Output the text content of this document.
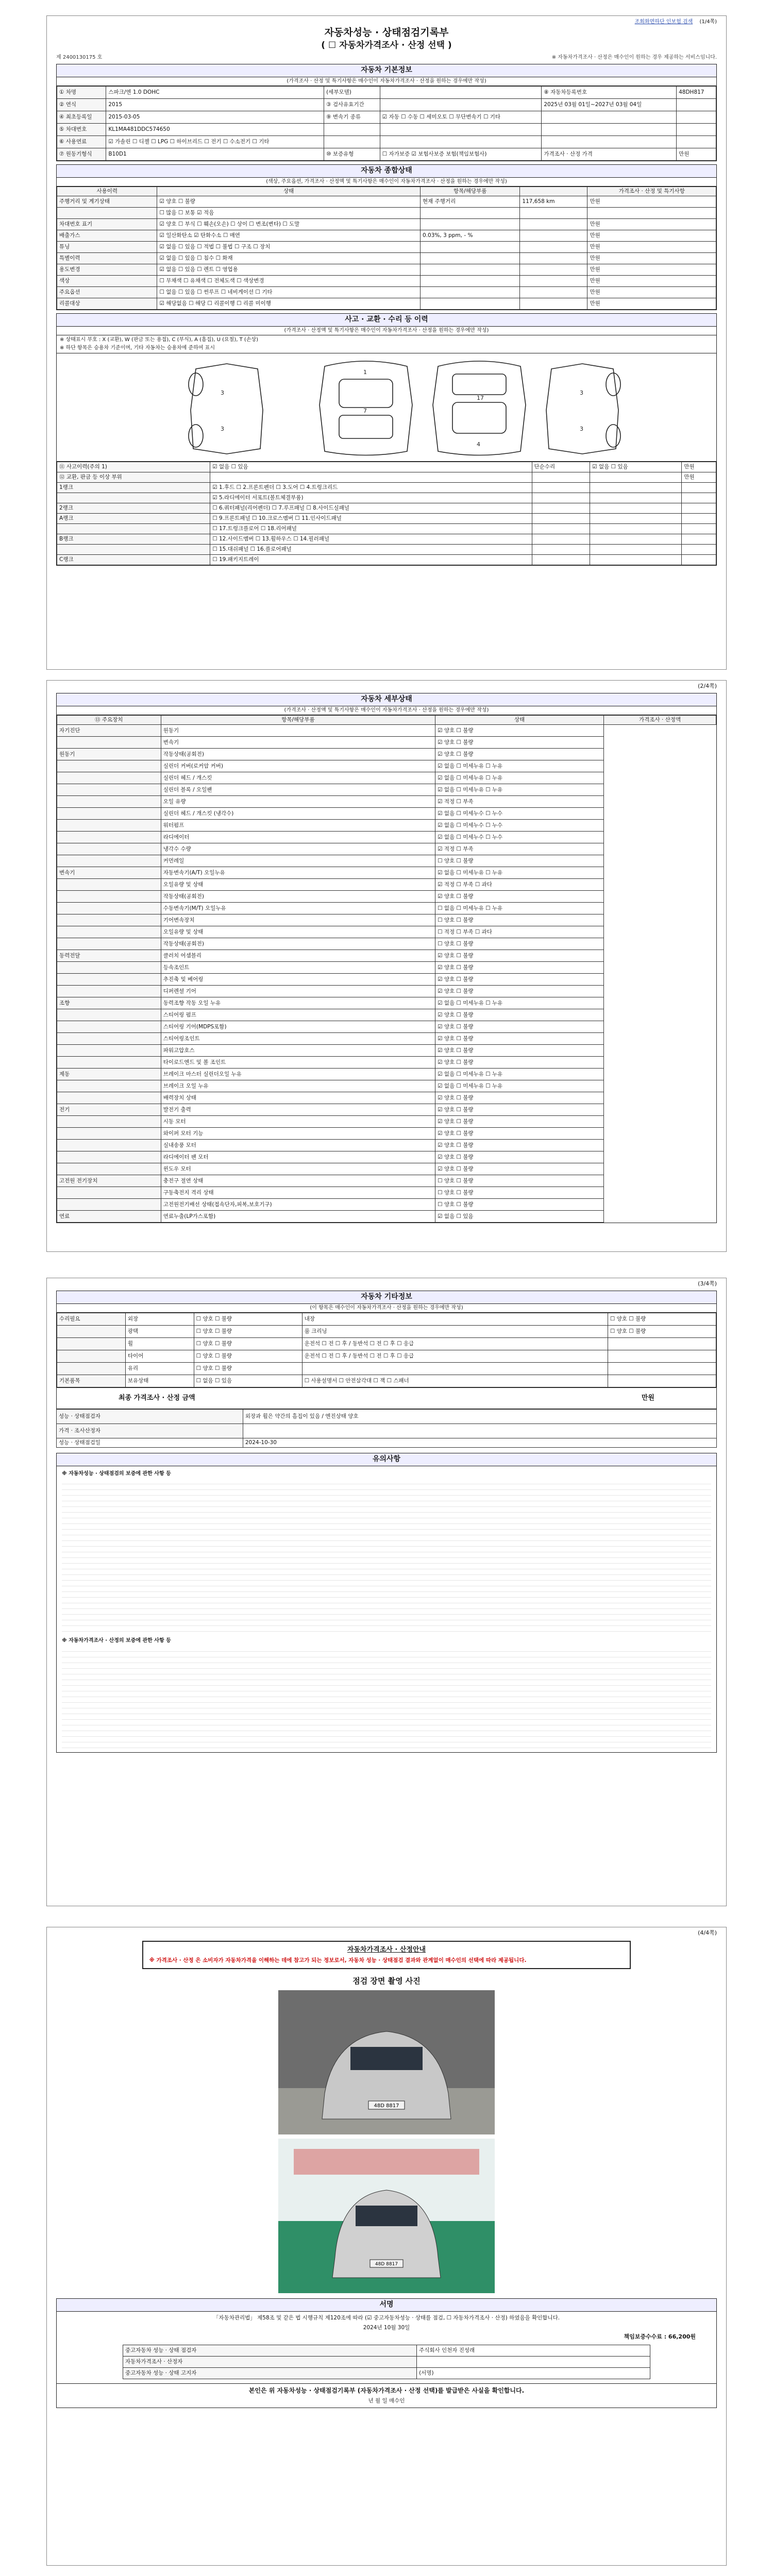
조회화면하단 인보험 검색 (1/4쪽)
자동차성능 · 상태점검기록부
( ☐ 자동차가격조사 · 산정 선택 )
제 2400130175 호	※ 자동차가격조사 · 산정은 매수인이 원하는 경우 제공하는 서비스임니다.
자동차 기본정보
(가격조사 · 산정 및 특기사항은 매수인이 자동차가격조사 · 산정을 원하는 경우에만 작성)
① 차명	스파크/엔 1.0 DOHC	(세부모델)		⑧ 자동차등록번호	48DH817
② 연식	2015	③ 검사유효기간		2025년 03월 01일~2027년 03월 04일	
④ 최초등록일	2015-03-05	⑨ 변속기 종류	☑ 자동 ☐ 수동 ☐ 세미오토 ☐ 무단변속기 ☐ 기타		
⑤ 차대번호	KL1MA481DDC574650				
⑥ 사용연료	☑ 가솔린 ☐ 디젤 ☐ LPG ☐ 하이브리드 ☐ 전기 ☐ 수소전기 ☐ 기타				
⑦ 원동기형식	B10D1	⑩ 보증유형	☐ 자가보증 ☑ 보험사보증 보험(책임보험사)	가격조사 · 산정 가격	만원
자동차 종합상태
(색상, 주요옵션, 가격조사 · 산정액 및 특기사항은 매수인이 자동차가격조사 · 산정을 원하는 경우에만 작성)
사용이력	상태	항목/해당부품		가격조사 · 산정 및 특기사항
주행거리 및 계기상태	☑ 양호 ☐ 불량	현재 주행거리	117,658 km	만원
	☐ 많음 ☐ 보통 ☑ 적음			
차대번호 표기	☑ 양호 ☐ 부식 ☐ 훼손(오손) ☐ 상이 ☐ 변조(변타) ☐ 도말			만원
배출가스	☑ 일산화탄소 ☑ 탄화수소 ☐ 매연	0.03%, 3 ppm, - %		만원
튜닝	☑ 없음 ☐ 있음 ☐ 적법 ☐ 불법 ☐ 구조 ☐ 장치			만원
특별이력	☑ 없음 ☐ 있음 ☐ 침수 ☐ 화재			만원
용도변경	☑ 없음 ☐ 있음 ☐ 렌트 ☐ 영업용			만원
색상	☐ 무채색 ☐ 유채색 ☐ 전체도색 ☐ 색상변경			만원
주요옵션	☐ 없음 ☐ 있음 ☐ 썬루프 ☐ 네비게이션 ☐ 기타			만원
리콜대상	☑ 해당없음 ☐ 해당 ☐ 리콜이행 ☐ 리콜 미이행			만원
사고 · 교환 · 수리 등 이력
(가격조사 · 산정액 및 특기사항은 매수인이 자동차가격조사 · 산정을 원하는 경우에만 작성)
※ 상태표시 부호 : X (교환), W (판금 또는 용접), C (부식), A (흠집), U (요철), T (손상)
※ 하단 항목은 승용차 기준이며, 기타 자동차는 승용차에 준하여 표시
3
3
1
7
4
17
3
3
⑪ 사고이력(주의 1)	☑ 없음 ☐ 있음	단순수리	☑ 없음 ☐ 있음	만원
⑫ 교환, 판금 등 이상 부위				만원
1랭크	☑ 1.후드 ☐ 2.프론트펜더 ☐ 3.도어 ☐ 4.트렁크리드			
	☑ 5.라디에이터 서포트(볼트체결부품)			
2랭크	☐ 6.쿼터패널(리어펜더) ☐ 7.루프패널 ☐ 8.사이드실패널			
A랭크	☐ 9.프론트패널 ☐ 10.크로스멤버 ☐ 11.인사이드패널			
	☐ 17.트렁크플로어 ☐ 18.리어패널			
B랭크	☐ 12.사이드멤버 ☐ 13.휠하우스 ☐ 14.필러패널			
	☐ 15.대쉬패널 ☐ 16.플로어패널			
C랭크	☐ 19.패키지트레이			
(2/4쪽)
자동차 세부상태
(가격조사 · 산정액 및 특기사항은 매수인이 자동차가격조사 · 산정을 원하는 경우에만 작성)
⑬ 주요장치	항목/해당부품	상태	가격조사 · 산정액
자기진단	원동기	☑ 양호 ☐ 불량	
	변속기	☑ 양호 ☐ 불량	
원동기	작동상태(공회전)	☑ 양호 ☐ 불량	
	실린더 커버(로커암 커버)	☑ 없음 ☐ 미세누유 ☐ 누유	
	실린더 헤드 / 개스킷	☑ 없음 ☐ 미세누유 ☐ 누유	
	실린더 블록 / 오일팬	☑ 없음 ☐ 미세누유 ☐ 누유	
	오일 유량	☑ 적정 ☐ 부족	
	실린더 헤드 / 개스킷 (냉각수)	☑ 없음 ☐ 미세누수 ☐ 누수	
	워터펌프	☑ 없음 ☐ 미세누수 ☐ 누수	
	라디에이터	☑ 없음 ☐ 미세누수 ☐ 누수	
	냉각수 수량	☑ 적정 ☐ 부족	
	커먼레일	☐ 양호 ☐ 불량	
변속기	자동변속기(A/T) 오일누유	☑ 없음 ☐ 미세누유 ☐ 누유	
	오일유량 및 상태	☑ 적정 ☐ 부족 ☐ 과다	
	작동상태(공회전)	☑ 양호 ☐ 불량	
	수동변속기(M/T) 오일누유	☐ 없음 ☐ 미세누유 ☐ 누유	
	기어변속장치	☐ 양호 ☐ 불량	
	오일유량 및 상태	☐ 적정 ☐ 부족 ☐ 과다	
	작동상태(공회전)	☐ 양호 ☐ 불량	
동력전달	클러치 어셈블리	☑ 양호 ☐ 불량	
	등속조인트	☑ 양호 ☐ 불량	
	추진축 및 베어링	☑ 양호 ☐ 불량	
	디퍼렌셜 기어	☑ 양호 ☐ 불량	
조향	동력조향 작동 오일 누유	☑ 없음 ☐ 미세누유 ☐ 누유	
	스티어링 펌프	☑ 양호 ☐ 불량	
	스티어링 기어(MDPS포함)	☑ 양호 ☐ 불량	
	스티어링조인트	☑ 양호 ☐ 불량	
	파워고압호스	☑ 양호 ☐ 불량	
	타이로드엔드 및 볼 조인트	☑ 양호 ☐ 불량	
제동	브레이크 마스터 실린더오일 누유	☑ 없음 ☐ 미세누유 ☐ 누유	
	브레이크 오일 누유	☑ 없음 ☐ 미세누유 ☐ 누유	
	배력장치 상태	☑ 양호 ☐ 불량	
전기	발전기 출력	☑ 양호 ☐ 불량	
	시동 모터	☑ 양호 ☐ 불량	
	와이퍼 모터 기능	☑ 양호 ☐ 불량	
	실내송풍 모터	☑ 양호 ☐ 불량	
	라디에이터 팬 모터	☑ 양호 ☐ 불량	
	윈도우 모터	☑ 양호 ☐ 불량	
고전원 전기장치	충전구 절연 상태	☐ 양호 ☐ 불량	
	구동축전지 격리 상태	☐ 양호 ☐ 불량	
	고전원전기배선 상태(접속단자,피복,보호기구)	☐ 양호 ☐ 불량	
연료	연료누출(LP가스포함)	☑ 없음 ☐ 있음	
(3/4쪽)
자동차 기타정보
(이 항목은 매수인이 자동차가격조사 · 산정을 원하는 경우에만 작성)
수리필요	외장	☐ 양호 ☐ 불량	내장	☐ 양호 ☐ 불량
	광택	☐ 양호 ☐ 불량	룸 크리닝	☐ 양호 ☐ 불량
	휠	☐ 양호 ☐ 불량	운전석 ☐ 전 ☐ 후 / 동반석 ☐ 전 ☐ 후 ☐ 응급	
	타이어	☐ 양호 ☐ 불량	운전석 ☐ 전 ☐ 후 / 동반석 ☐ 전 ☐ 후 ☐ 응급	
	유리	☐ 양호 ☐ 불량		
기본품목	보유상태	☐ 없음 ☐ 있음	☐ 사용설명서 ☐ 안전삼각대 ☐ 잭 ☐ 스패너	
최종 가격조사 · 산정 금액	만원
성능 · 상태점검자	외장과 휠은 약간의 흠집이 있음 / 엔진상태 양호
가격 · 조사산정자	
성능 · 상태점검일	2024-10-30
유의사항

※ 자동차성능 · 상태점검의 보증에 관한 사항 등

※ 자동차가격조사 · 산정의 보증에 관한 사항 등

(4/4쪽)
자동차가격조사 · 산정안내
※ 가격조사 · 산정 은 소비자가 자동차가격을 이해하는 데에 참고가 되는 정보로서, 자동차 성능 · 상태점검 결과와 관계없이 매수인의 선택에 따라 제공됩니다.
점검 장면 촬영 사진
48D 8817
48D 8817
서명
「자동차관리법」 제58조 및 같은 법 시행규칙 제120조에 따라 (☑ 중고자동차성능 · 상태를 점검, ☐ 자동차가격조사 · 산정) 하였음을 확인합니다.
2024년 10월 30일
책임보증수수료 : 66,200원
중고자동차 성능 · 상태 점검자	주식회사 인천자 진성래
자동차가격조사 · 산정자	
중고자동차 성능 · 상태 고지자	(서명)
본인은 위 자동차성능 · 상태점검기록부 (자동차가격조사 · 산정 선택)를 발급받은 사실을 확인합니다.
년 월 일 매수인
